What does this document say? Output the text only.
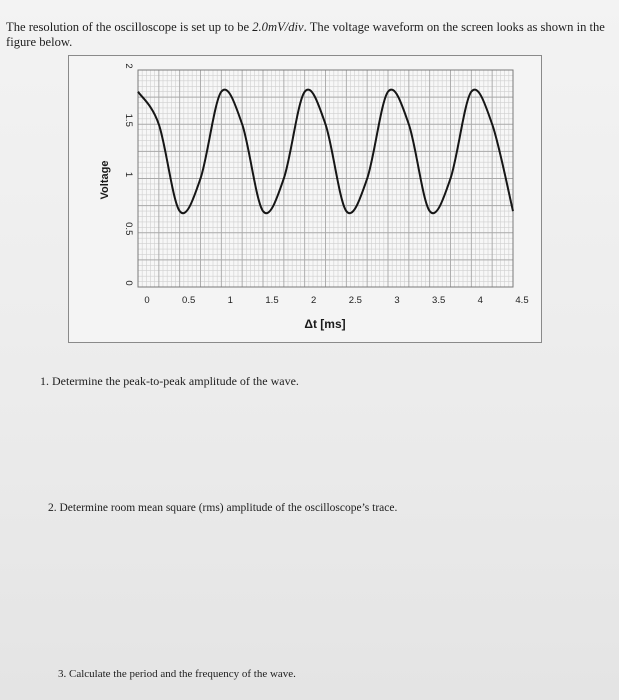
The resolution of the oscilloscope is set up to be 2.0mV/div. The voltage waveform on the screen looks as shown in the figure below.
0	0.5	1	1.5	2	2.5	3	3.5	4	4.5
0
0.5
1
1.5
2
Δt [ms]
Voltage
1. Determine the peak-to-peak amplitude of the wave.
2. Determine room mean square (rms) amplitude of the oscilloscope’s trace.
3. Calculate the period and the frequency of the wave.
